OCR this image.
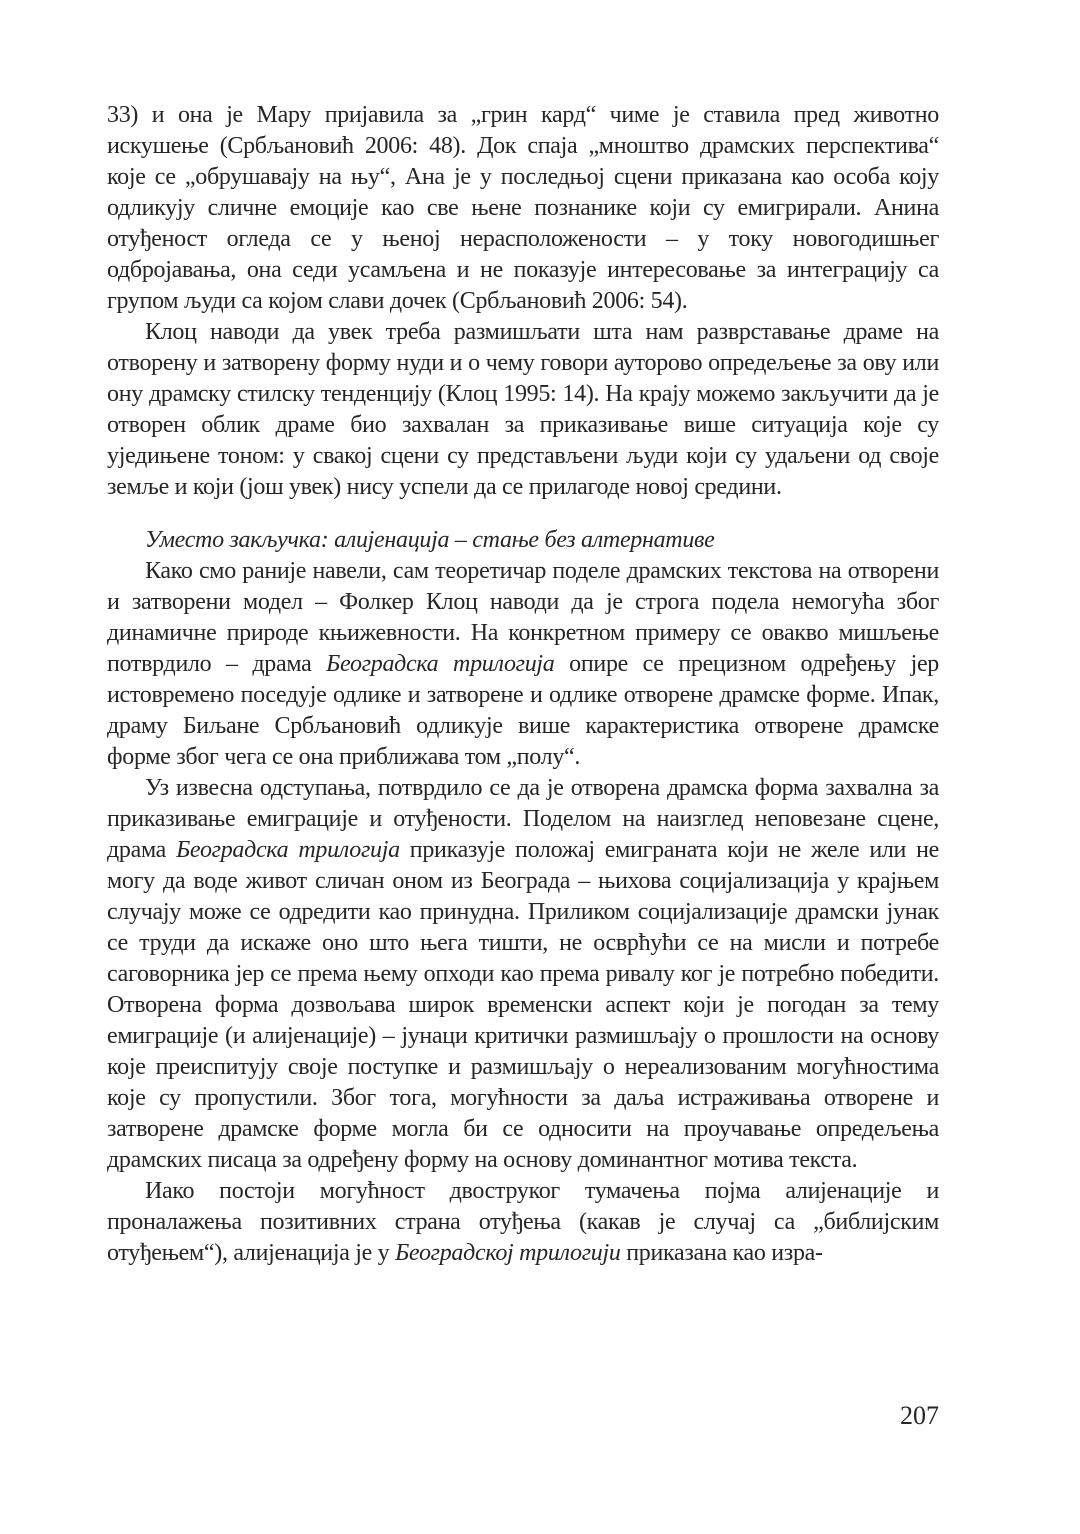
33) и она је Мару пријавила за „грин кард“ чиме је ставила пред животно искушење (Србљановић 2006: 48). Док спаја „мноштво драмских перспектива“ које се „обрушавају на њу“, Ана је у последњој сцени приказана као особа коју одликују сличне емоције као све њене познанике који су емигрирали. Анина отуђеност огледа се у њеној нерасположености – у току новогодишњег одбројавања, она седи усамљена и не показује интересовање за интеграцију са групом људи са којом слави дочек (Србљановић 2006: 54).

Клоц наводи да увек треба размишљати шта нам разврставање драме на отворену и затворену форму нуди и о чему говори ауторово опредељење за ову или ону драмску стилску тенденцију (Клоц 1995: 14). На крају можемо закључити да је отворен облик драме био захвалан за приказивање више ситуација које су уједињене тоном: у свакој сцени су представљени људи који су удаљени од своје земље и који (још увек) нису успели да се прилагоде новој средини.

Уместо закључка: алијенација – стање без алтернативе

Како смо раније навели, сам теоретичар поделе драмских текстова на отворени и затворени модел – Фолкер Клоц наводи да је строга подела немогућа због динамичне природе књижевности. На конкретном примеру се овакво мишљење потврдило – драма Београдска трилогија опире се прецизном одређењу јер истовремено поседује одлике и затворене и одлике отворене драмске форме. Ипак, драму Биљане Србљановић одликује више карактеристика отворене драмске форме због чега се она приближава том „полу“.

Уз извесна одступања, потврдило се да је отворена драмска форма захвална за приказивање емиграције и отуђености. Поделом на наизглед неповезане сцене, драма Београдска трилогија приказује положај емиграната који не желе или не могу да воде живот сличан оном из Београда – њихова социјализација у крајњем случају може се одредити као принудна. Приликом социјализације драмски јунак се труди да искаже оно што њега тишти, не осврћући се на мисли и потребе саговорника јер се према њему опходи као према ривалу ког је потребно победити. Отворена форма дозвољава широк временски аспект који је погодан за тему емиграције (и алијенације) – јунаци критички размишљају о прошлости на основу које преиспитују своје поступке и размишљају о нереализованим могућностима које су пропустили. Због тога, могућности за даља истраживања отворене и затворене драмске форме могла би се односити на проучавање опредељења драмских писаца за одређену форму на основу доминантног мотива текста.

Иако постоји могућност двоструког тумачења појма алијенације и проналажења позитивних страна отуђења (какав је случај са „библијским отуђењем“), алијенација је у Београдској трилогији приказана као изра-

207
